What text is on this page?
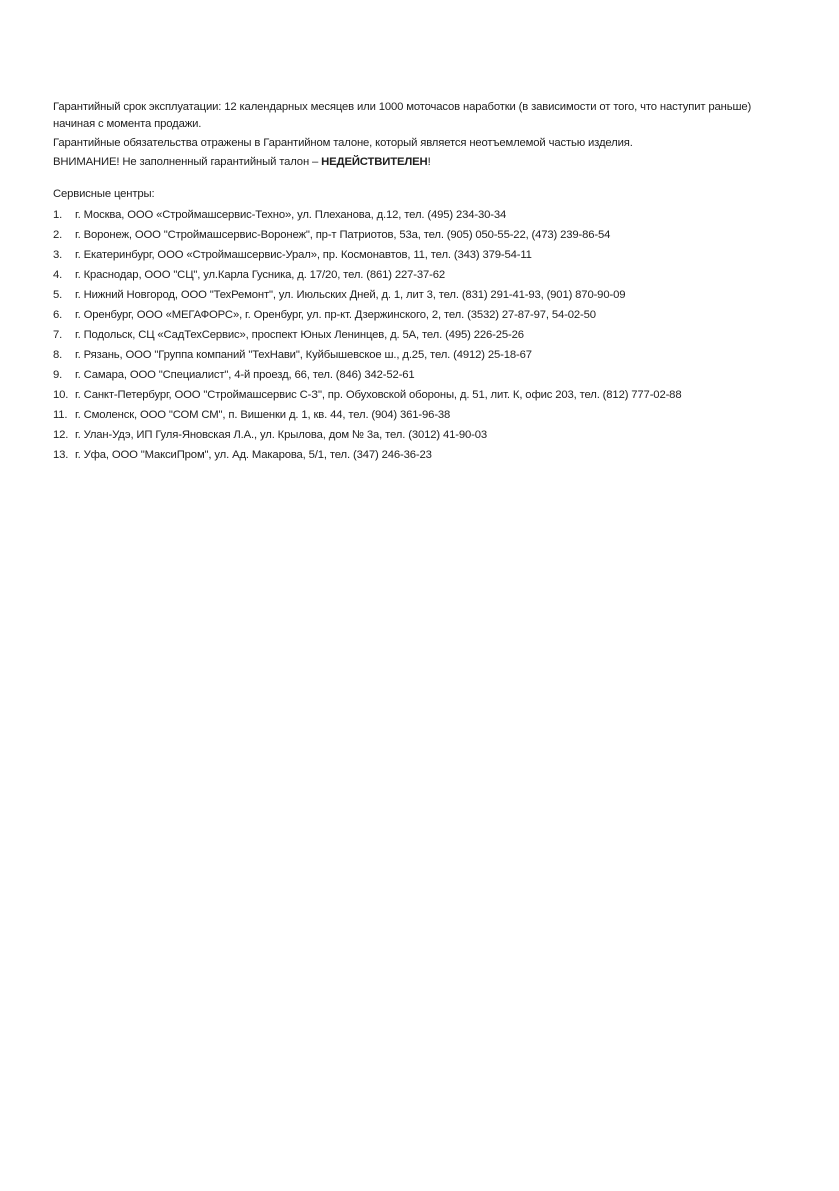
Гарантийный срок эксплуатации: 12 календарных месяцев или 1000 моточасов наработки (в зависимости от того, что наступит раньше)

начиная с момента продажи.

Гарантийные обязательства отражены в Гарантийном талоне, который является неотъемлемой частью изделия.

ВНИМАНИЕ! Не заполненный гарантийный талон – НЕДЕЙСТВИТЕЛЕН!

Сервисные центры:

1.	г. Москва, ООО «Строймашсервис-Техно», ул. Плеханова, д.12, тел. (495) 234-30-34
2.	г. Воронеж, ООО "Строймашсервис-Воронеж", пр-т Патриотов, 53а, тел. (905) 050-55-22, (473) 239-86-54
3.	г. Екатеринбург, ООО «Строймашсервис-Урал», пр. Космонавтов, 11, тел. (343) 379-54-11
4.	г. Краснодар, ООО "СЦ", ул.Карла Гусника, д. 17/20, тел. (861) 227-37-62
5.	г. Нижний Новгород, ООО "ТехРемонт", ул. Июльских Дней, д. 1, лит 3, тел. (831) 291-41-93, (901) 870-90-09
6.	г. Оренбург, ООО «МЕГАФОРС», г. Оренбург, ул. пр-кт. Дзержинского, 2, тел. (3532) 27-87-97, 54-02-50
7.	г. Подольск, СЦ «СадТехСервис», проспект Юных Ленинцев, д. 5А, тел. (495) 226-25-26
8.	г. Рязань, ООО "Группа компаний "ТехНави", Куйбышевское ш., д.25, тел. (4912) 25-18-67
9.	г. Самара, ООО "Специалист", 4-й проезд, 66, тел. (846) 342-52-61
10. г. Санкт-Петербург, ООО "Строймашсервис С-З", пр. Обуховской обороны, д. 51, лит. К, офис 203, тел. (812) 777-02-88
11. г. Смоленск, ООО "СОМ СМ", п. Вишенки д. 1, кв. 44, тел. (904) 361-96-38
12. г. Улан-Удэ, ИП Гуля-Яновская Л.А., ул. Крылова, дом № 3а, тел. (3012) 41-90-03
13. г. Уфа, ООО "МаксиПром", ул. Ад. Макарова, 5/1, тел. (347) 246-36-23
